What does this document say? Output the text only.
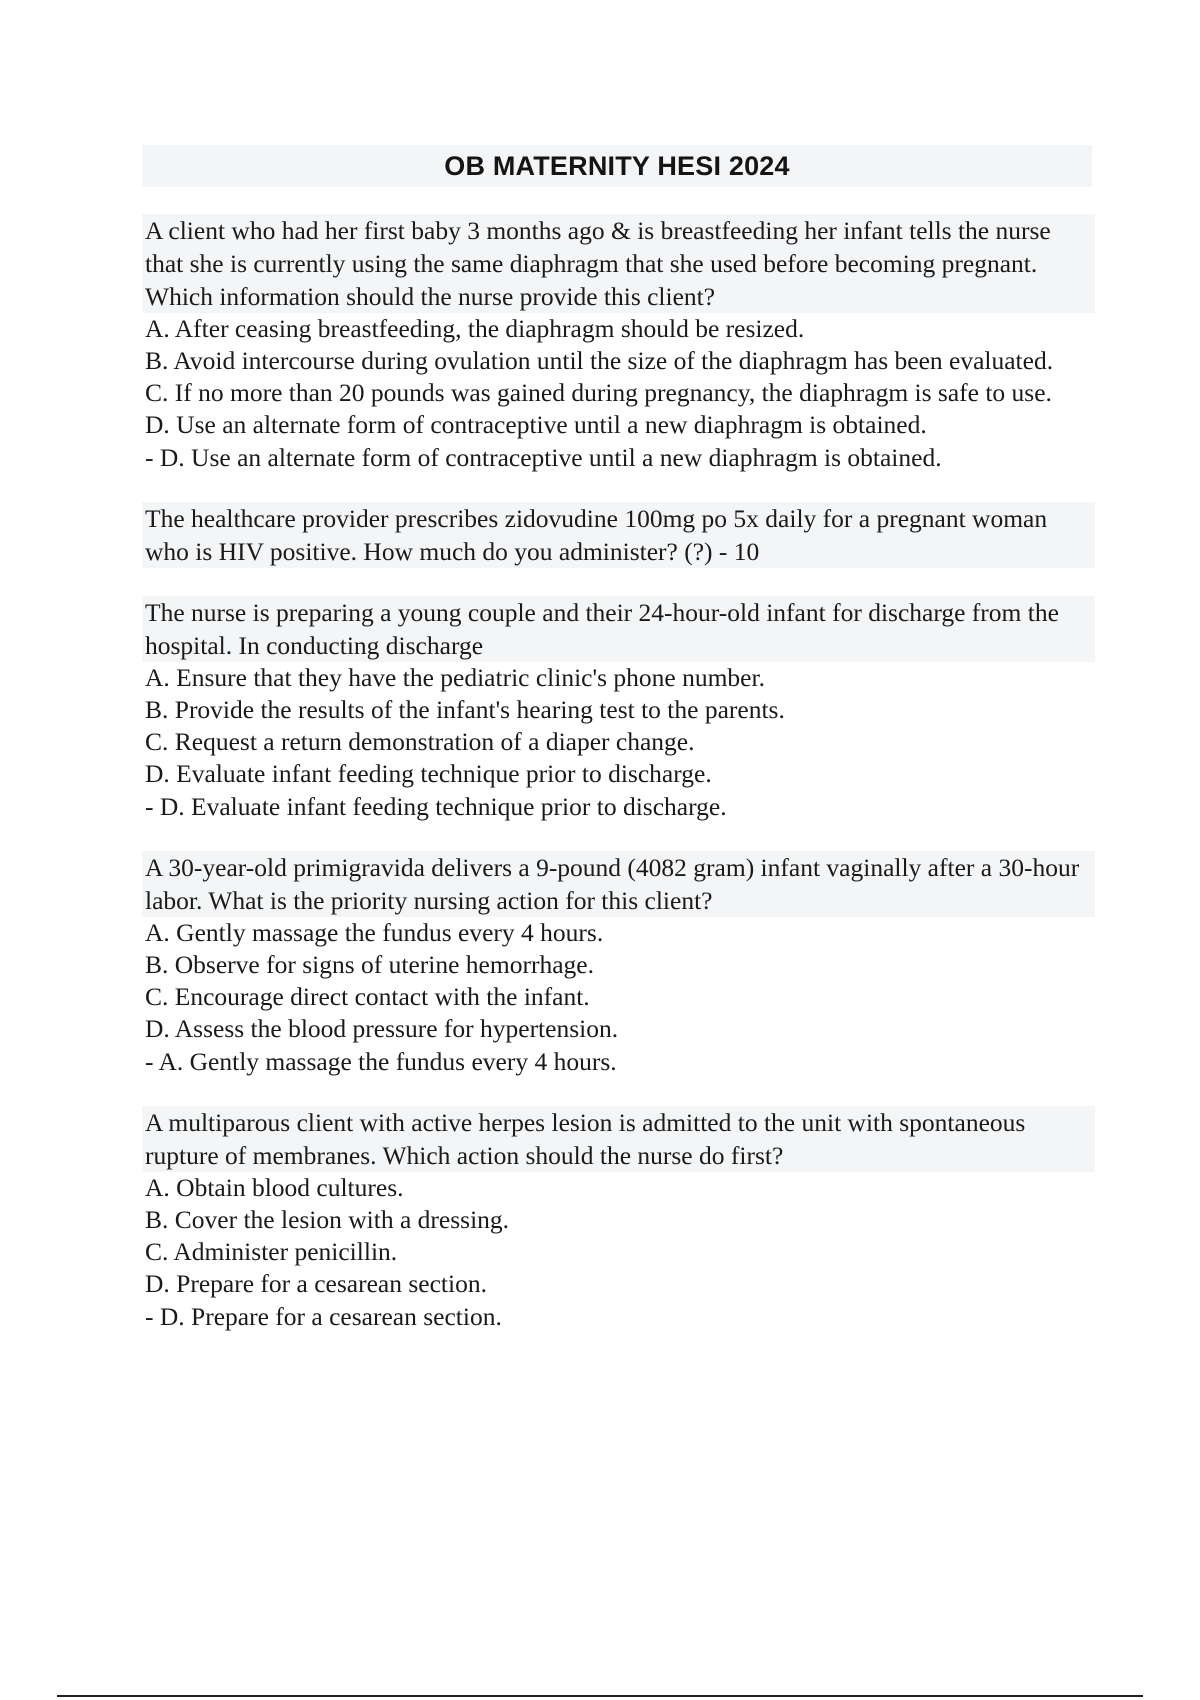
OB MATERNITY HESI 2024

A client who had her first baby 3 months ago & is breastfeeding her infant tells the nurse that she is currently using the same diaphragm that she used before becoming pregnant. Which information should the nurse provide this client?

A. After ceasing breastfeeding, the diaphragm should be resized.

B. Avoid intercourse during ovulation until the size of the diaphragm has been evaluated.

C. If no more than 20 pounds was gained during pregnancy, the diaphragm is safe to use.

D. Use an alternate form of contraceptive until a new diaphragm is obtained.

- D. Use an alternate form of contraceptive until a new diaphragm is obtained.

The healthcare provider prescribes zidovudine 100mg po 5x daily for a pregnant woman who is HIV positive. How much do you administer? (?) - 10

The nurse is preparing a young couple and their 24-hour-old infant for discharge from the hospital. In conducting discharge

A. Ensure that they have the pediatric clinic's phone number.

B. Provide the results of the infant's hearing test to the parents.

C. Request a return demonstration of a diaper change.

D. Evaluate infant feeding technique prior to discharge.

- D. Evaluate infant feeding technique prior to discharge.

A 30-year-old primigravida delivers a 9-pound (4082 gram) infant vaginally after a 30-hour labor. What is the priority nursing action for this client?

A. Gently massage the fundus every 4 hours.

B. Observe for signs of uterine hemorrhage.

C. Encourage direct contact with the infant.

D. Assess the blood pressure for hypertension.

- A. Gently massage the fundus every 4 hours.

A multiparous client with active herpes lesion is admitted to the unit with spontaneous rupture of membranes. Which action should the nurse do first?

A. Obtain blood cultures.

B. Cover the lesion with a dressing.

C. Administer penicillin.

D. Prepare for a cesarean section.

- D. Prepare for a cesarean section.
